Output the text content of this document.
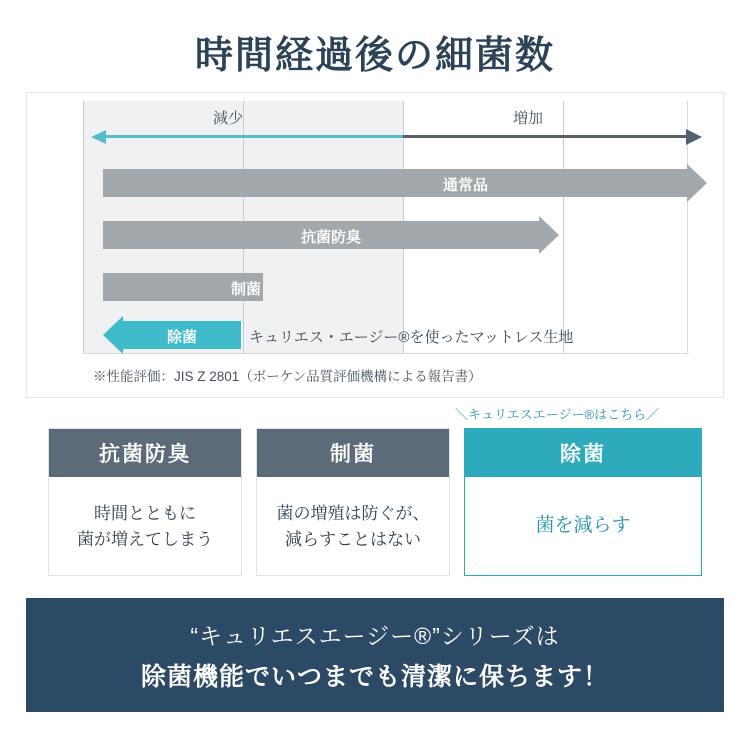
時間経過後の細菌数
減少	増加
通常品
抗菌防臭
制菌
除菌	キュリエス・エージー®を使ったマットレス生地
※性能評価：JIS Z 2801（ボーケン品質評価機構による報告書）
＼キュリエスエージー®はこちら／
抗菌防臭
時間とともに
菌が増えてしまう
制菌
菌の増殖は防ぐが、
減らすことはない
除菌
菌を減らす
“キュリエスエージー®”シリーズは
除菌機能でいつまでも清潔に保ちます！
